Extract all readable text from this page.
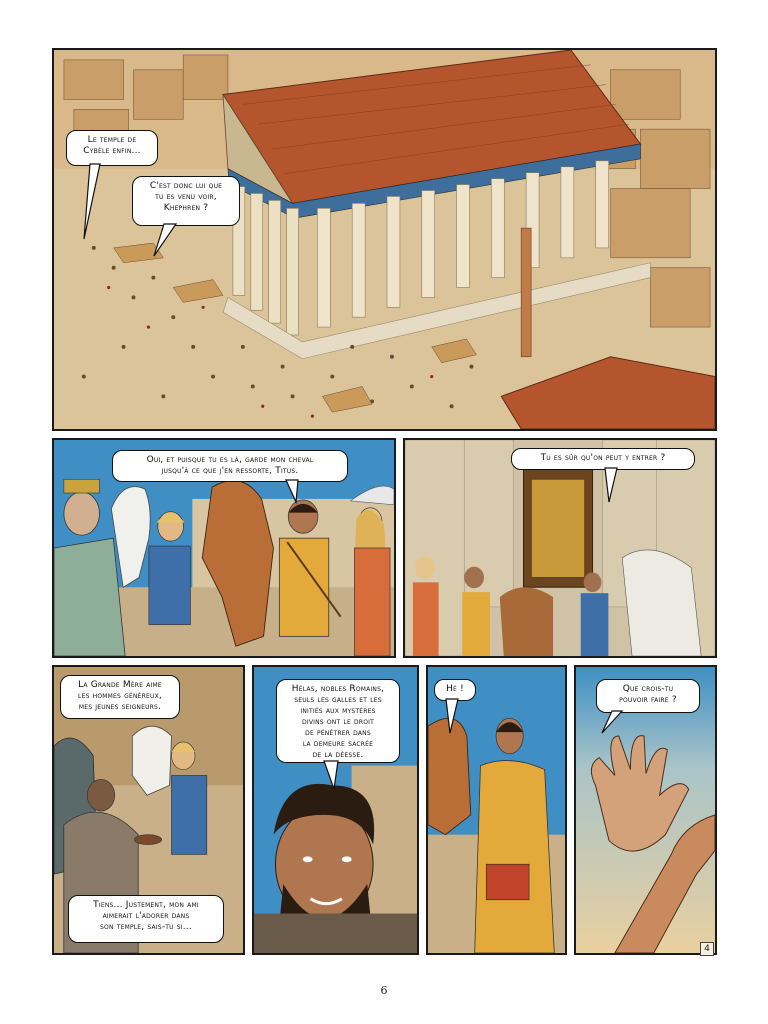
Le temple de
Cybèle enfin...
C'est donc lui que
tu es venu voir,
Khephren ?
Oui, et puisque tu es là, garde mon cheval
jusqu'à ce que j'en ressorte, Titus.
Tu es sûr qu'on peut y entrer ?
La Grande Mère aime
les hommes généreux,
mes jeunes seigneurs.
Tiens... Justement, mon ami
aimerait l'adorer dans
son temple, sais-tu si...
Hélas, nobles Romains,
seuls les galles et les
initiés aux mystères
divins ont le droit
de pénétrer dans
la demeure sacrée
de la déesse.
Hé !	Que crois-tu
pouvoir faire ?
4
6
